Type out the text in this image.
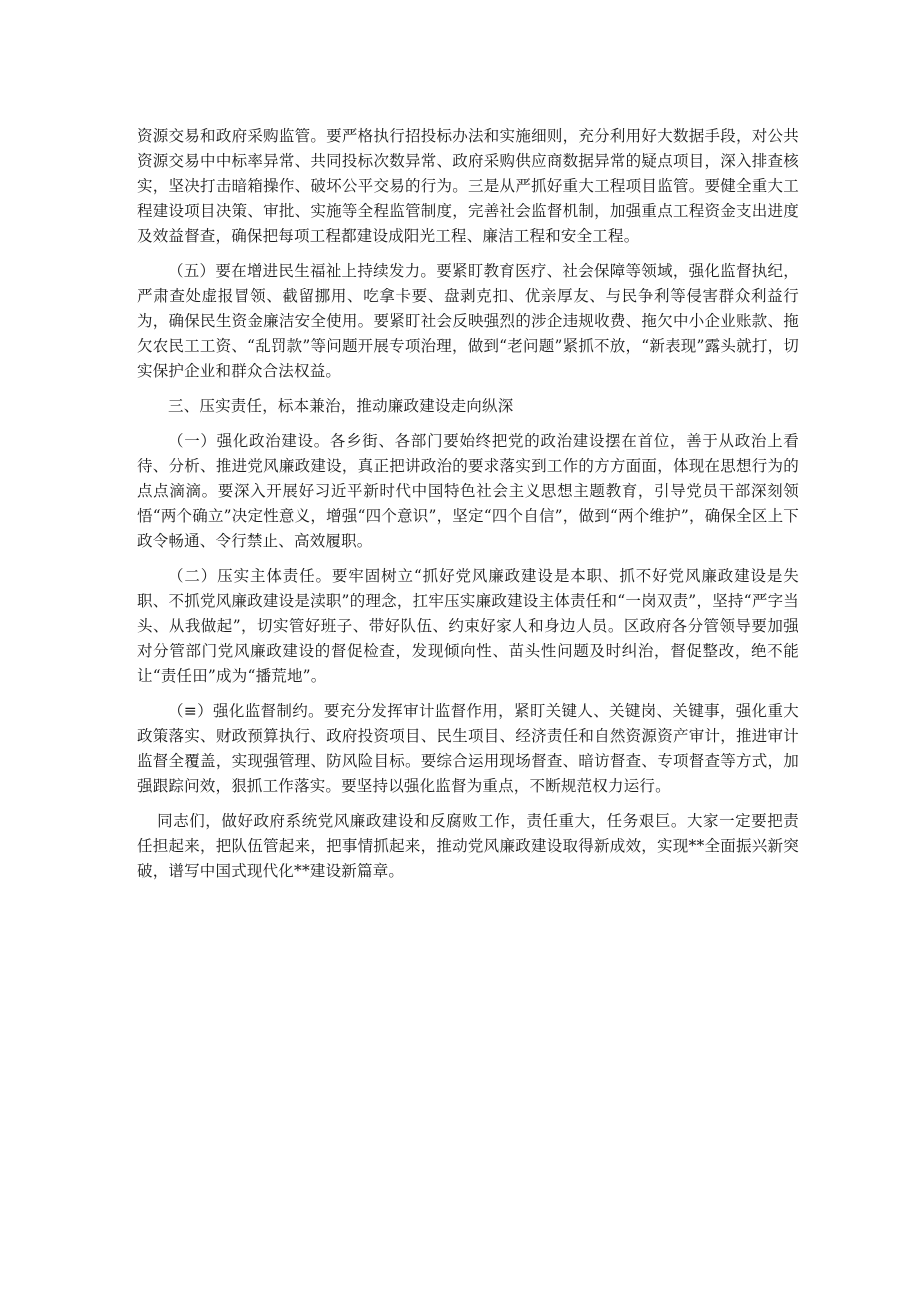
资源交易和政府采购监管。要严格执行招投标办法和实施细则，充分利用好大数据手段，对公共资源交易中中标率异常、共同投标次数异常、政府采购供应商数据异常的疑点项目，深入排查核实，坚决打击暗箱操作、破坏公平交易的行为。三是从严抓好重大工程项目监管。要健全重大工程建设项目决策、审批、实施等全程监管制度，完善社会监督机制，加强重点工程资金支出进度及效益督查，确保把每项工程都建设成阳光工程、廉洁工程和安全工程。

（五）要在增进民生福祉上持续发力。要紧盯教育医疗、社会保障等领域，强化监督执纪，严肃查处虚报冒领、截留挪用、吃拿卡要、盘剥克扣、优亲厚友、与民争利等侵害群众利益行为，确保民生资金廉洁安全使用。要紧盯社会反映强烈的涉企违规收费、拖欠中小企业账款、拖欠农民工工资、“乱罚款”等问题开展专项治理，做到“老问题”紧抓不放，“新表现”露头就打，切实保护企业和群众合法权益。

三、压实责任，标本兼治，推动廉政建设走向纵深

（一）强化政治建设。各乡街、各部门要始终把党的政治建设摆在首位，善于从政治上看待、分析、推进党风廉政建设，真正把讲政治的要求落实到工作的方方面面，体现在思想行为的点点滴滴。要深入开展好习近平新时代中国特色社会主义思想主题教育，引导党员干部深刻领悟“两个确立”决定性意义，增强“四个意识”，坚定“四个自信”，做到“两个维护”，确保全区上下政令畅通、令行禁止、高效履职。

（二）压实主体责任。要牢固树立“抓好党风廉政建设是本职、抓不好党风廉政建设是失职、不抓党风廉政建设是渎职”的理念，扛牢压实廉政建设主体责任和“一岗双责”，坚持“严字当头、从我做起”，切实管好班子、带好队伍、约束好家人和身边人员。区政府各分管领导要加强对分管部门党风廉政建设的督促检查，发现倾向性、苗头性问题及时纠治，督促整改，绝不能让“责任田”成为“播荒地”。

（≡）强化监督制约。要充分发挥审计监督作用，紧盯关键人、关键岗、关键事，强化重大政策落实、财政预算执行、政府投资项目、民生项目、经济责任和自然资源资产审计，推进审计监督全覆盖，实现强管理、防风险目标。要综合运用现场督查、暗访督查、专项督查等方式，加强跟踪问效，狠抓工作落实。要坚持以强化监督为重点，不断规范权力运行。

同志们，做好政府系统党风廉政建设和反腐败工作，责任重大，任务艰巨。大家一定要把责任担起来，把队伍管起来，把事情抓起来，推动党风廉政建设取得新成效，实现**全面振兴新突破，谱写中国式现代化**建设新篇章。
